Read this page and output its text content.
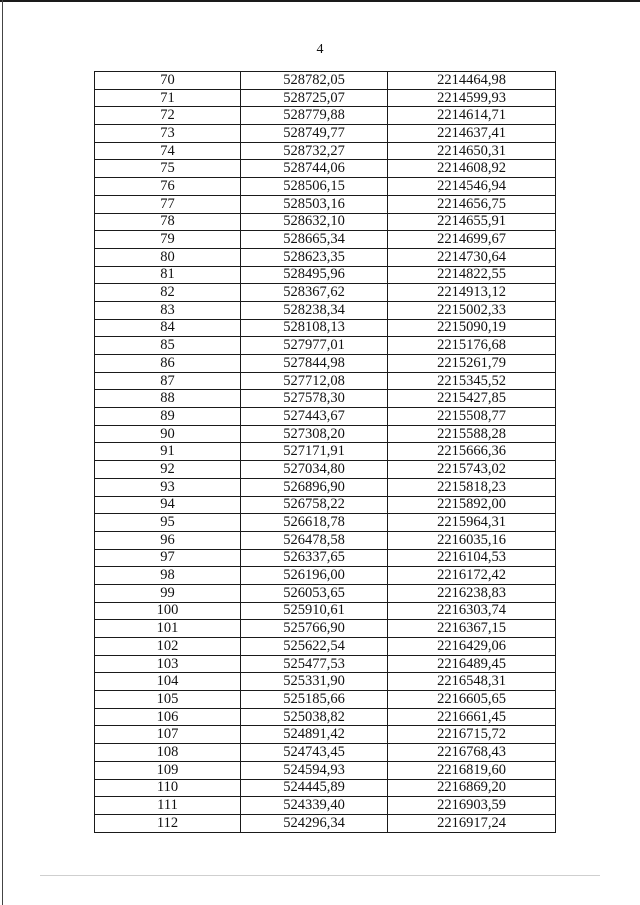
4
70	528782,05	2214464,98
71	528725,07	2214599,93
72	528779,88	2214614,71
73	528749,77	2214637,41
74	528732,27	2214650,31
75	528744,06	2214608,92
76	528506,15	2214546,94
77	528503,16	2214656,75
78	528632,10	2214655,91
79	528665,34	2214699,67
80	528623,35	2214730,64
81	528495,96	2214822,55
82	528367,62	2214913,12
83	528238,34	2215002,33
84	528108,13	2215090,19
85	527977,01	2215176,68
86	527844,98	2215261,79
87	527712,08	2215345,52
88	527578,30	2215427,85
89	527443,67	2215508,77
90	527308,20	2215588,28
91	527171,91	2215666,36
92	527034,80	2215743,02
93	526896,90	2215818,23
94	526758,22	2215892,00
95	526618,78	2215964,31
96	526478,58	2216035,16
97	526337,65	2216104,53
98	526196,00	2216172,42
99	526053,65	2216238,83
100	525910,61	2216303,74
101	525766,90	2216367,15
102	525622,54	2216429,06
103	525477,53	2216489,45
104	525331,90	2216548,31
105	525185,66	2216605,65
106	525038,82	2216661,45
107	524891,42	2216715,72
108	524743,45	2216768,43
109	524594,93	2216819,60
110	524445,89	2216869,20
111	524339,40	2216903,59
112	524296,34	2216917,24
